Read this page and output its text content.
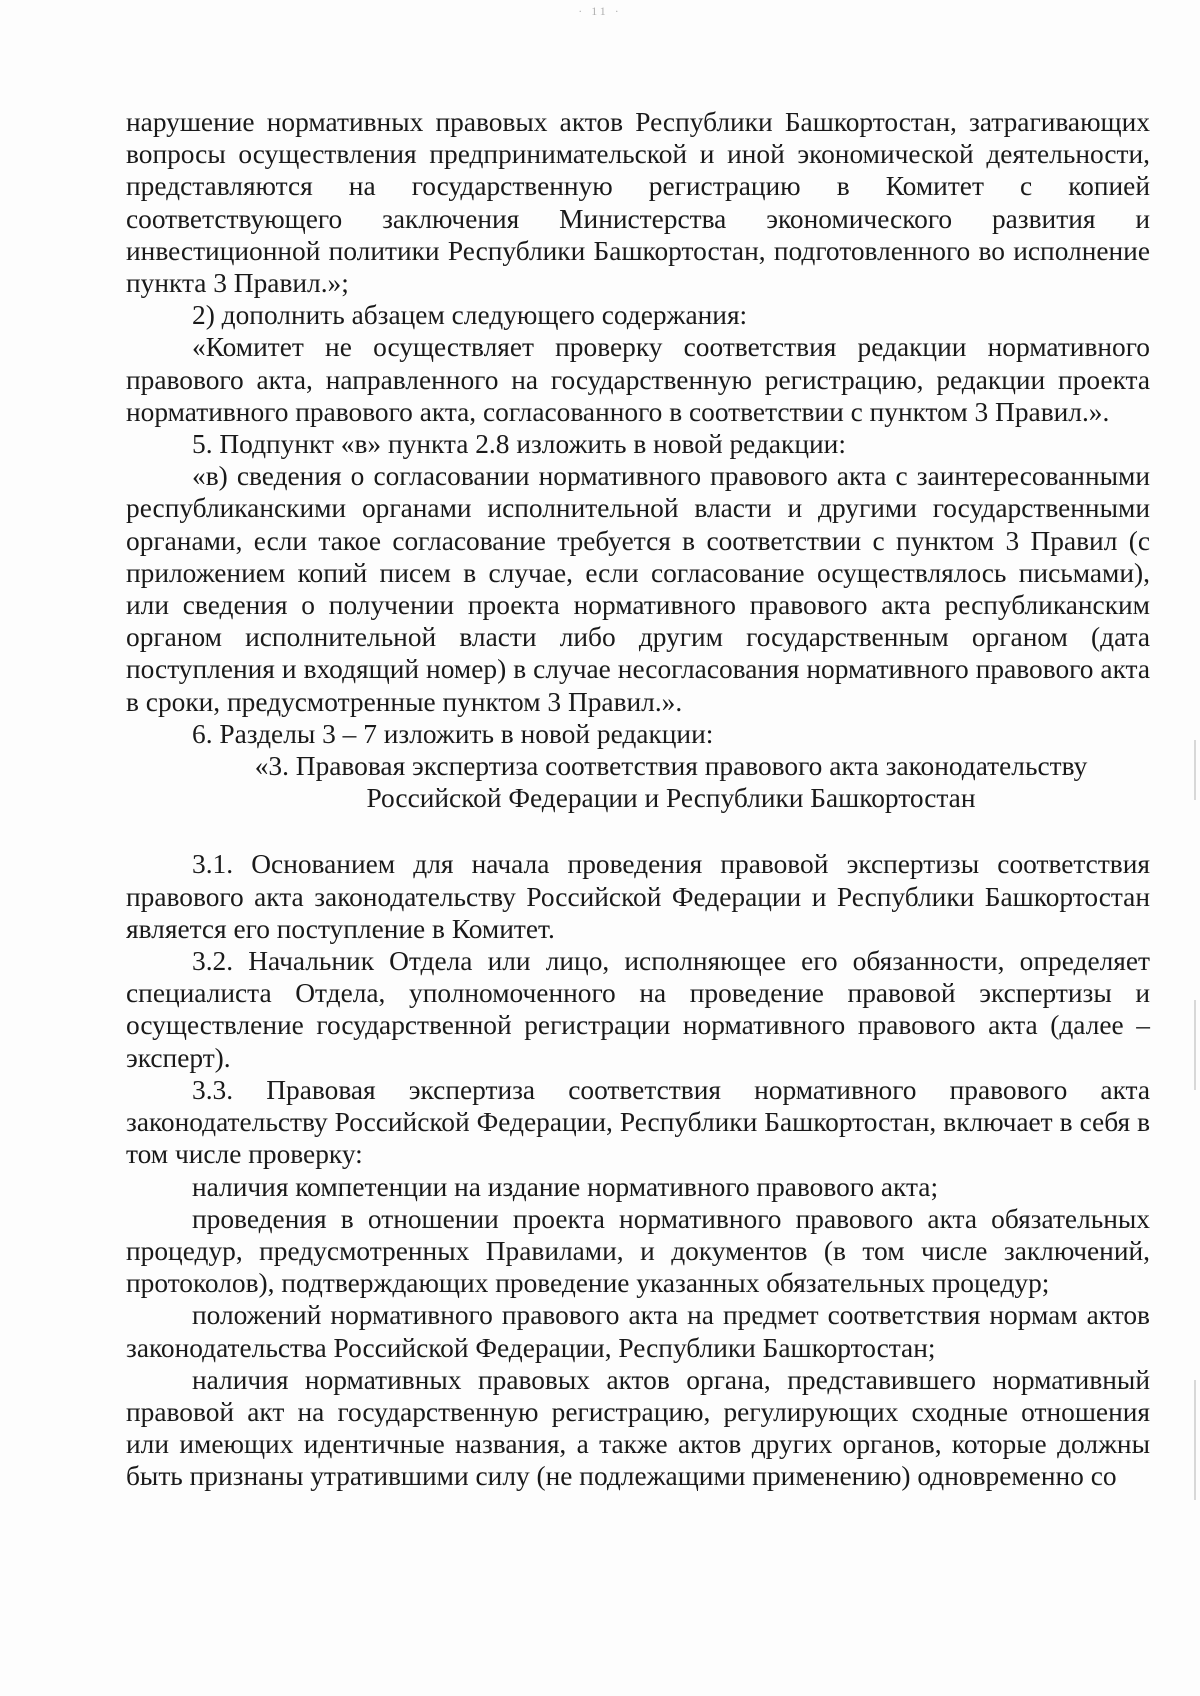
· 11 ·

нарушение нормативных правовых актов Республики Башкортостан, затрагивающих вопросы осуществления предпринимательской и иной экономической деятельности, представляются на государственную регистрацию в Комитет с копией соответствующего заключения Министерства экономического развития и инвестиционной политики Республики Башкортостан, подготовленного во исполнение пункта 3 Правил.»;

2) дополнить абзацем следующего содержания:

«Комитет не осуществляет проверку соответствия редакции нормативного правового акта, направленного на государственную регистрацию, редакции проекта нормативного правового акта, согласованного в соответствии с пунктом 3 Правил.».

5. Подпункт «в» пункта 2.8 изложить в новой редакции:

«в) сведения о согласовании нормативного правового акта с заинтересованными республиканскими органами исполнительной власти и другими государственными органами, если такое согласование требуется в соответствии с пунктом 3 Правил (с приложением копий писем в случае, если согласование осуществлялось письмами), или сведения о получении проекта нормативного правового акта республиканским органом исполнительной власти либо другим государственным органом (дата поступления и входящий номер) в случае несогласования нормативного правового акта в сроки, предусмотренные пунктом 3 Правил.».

6. Разделы 3 – 7 изложить в новой редакции:

«3. Правовая экспертиза соответствия правового акта законодательству

Российской Федерации и Республики Башкортостан

3.1. Основанием для начала проведения правовой экспертизы соответствия правового акта законодательству Российской Федерации и Республики Башкортостан является его поступление в Комитет.

3.2. Начальник Отдела или лицо, исполняющее его обязанности, определяет специалиста Отдела, уполномоченного на проведение правовой экспертизы и осуществление государственной регистрации нормативного правового акта (далее – эксперт).

3.3. Правовая экспертиза соответствия нормативного правового акта законодательству Российской Федерации, Республики Башкортостан, включает в себя в том числе проверку:

наличия компетенции на издание нормативного правового акта;

проведения в отношении проекта нормативного правового акта обязательных процедур, предусмотренных Правилами, и документов (в том числе заключений, протоколов), подтверждающих проведение указанных обязательных процедур;

положений нормативного правового акта на предмет соответствия нормам актов законодательства Российской Федерации, Республики Башкортостан;

наличия нормативных правовых актов органа, представившего нормативный правовой акт на государственную регистрацию, регулирующих сходные отношения или имеющих идентичные названия, а также актов других органов, которые должны быть признаны утратившими силу (не подлежащими применению) одновременно со
